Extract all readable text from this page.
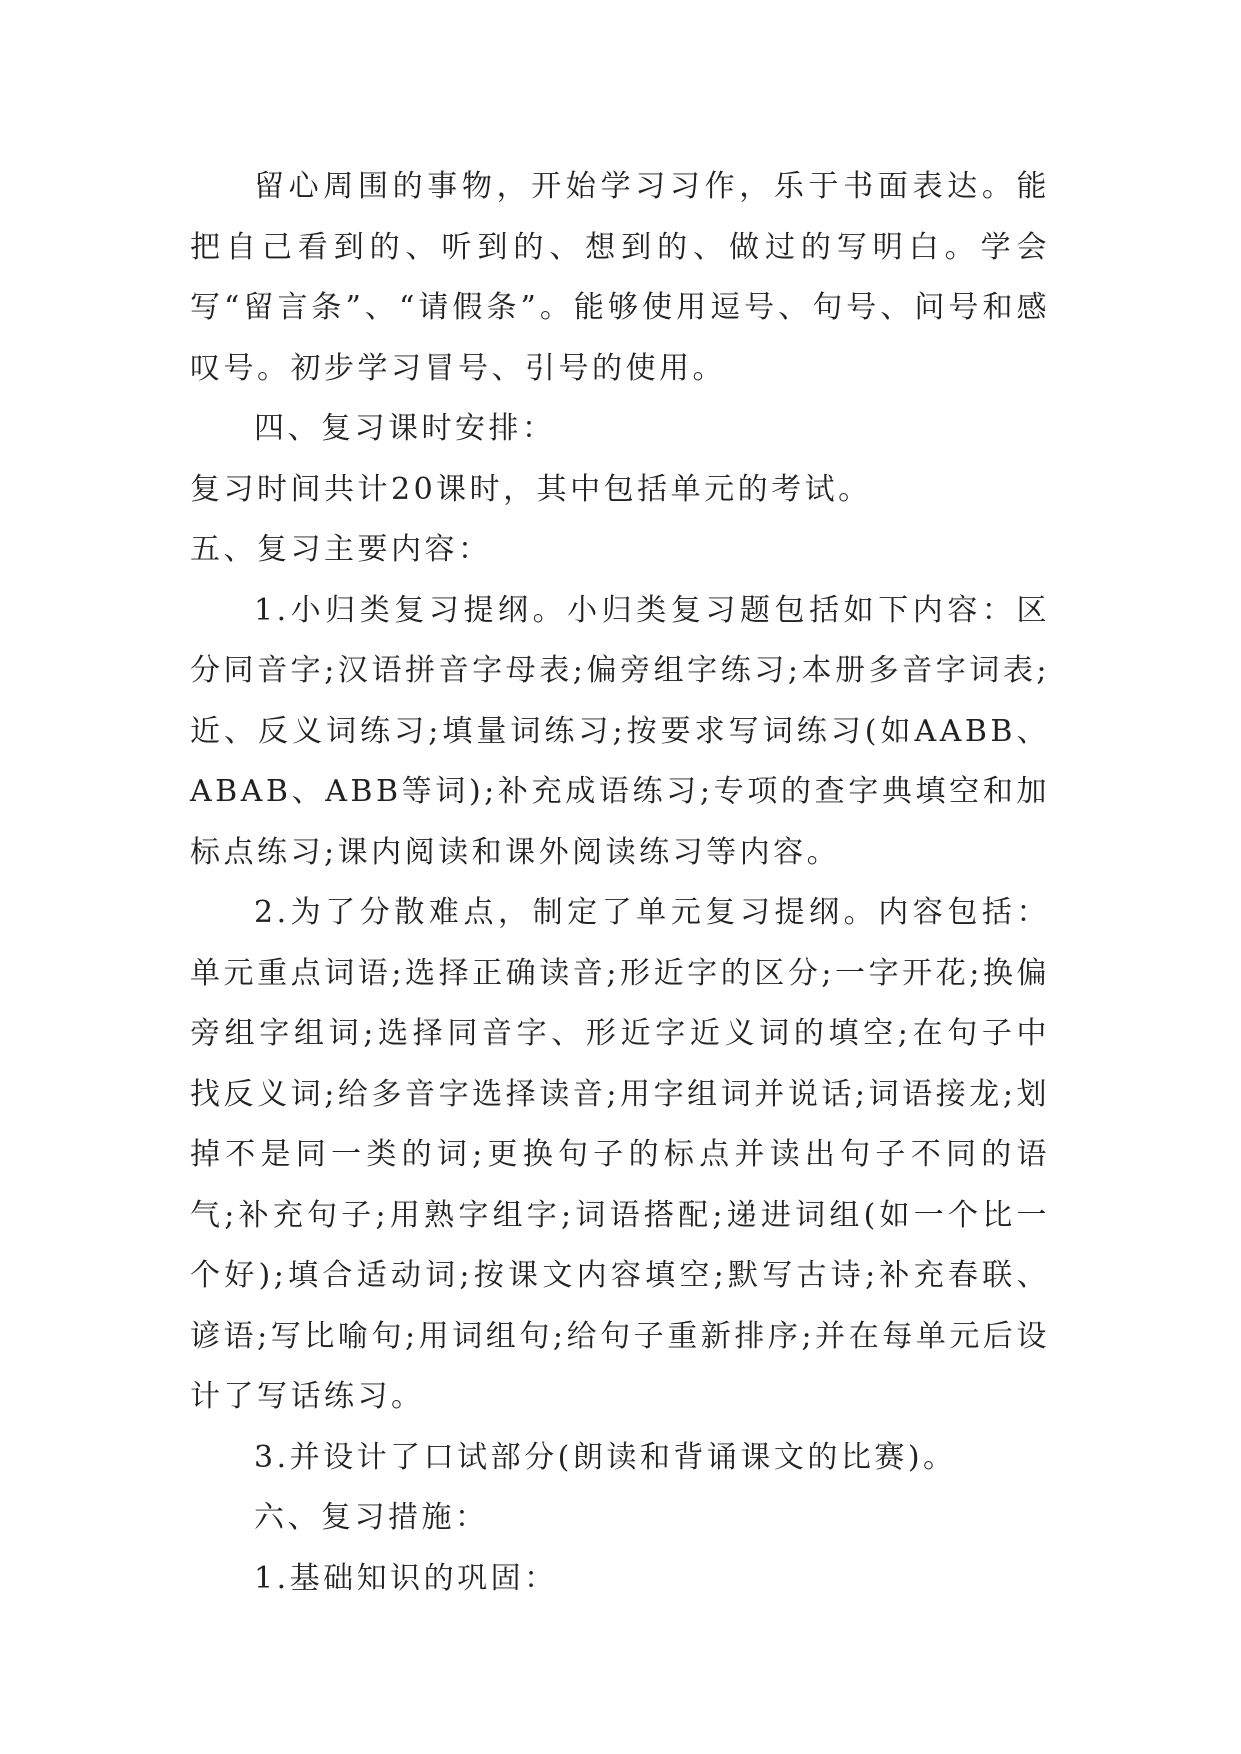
留心周围的事物，开始学习习作，乐于书面表达。能把自己看到的、听到的、想到的、做过的写明白。学会写“留言条”、“请假条”。能够使用逗号、句号、问号和感叹号。初步学习冒号、引号的使用。

四、复习课时安排：

复习时间共计20课时，其中包括单元的考试。

五、复习主要内容：

1.小归类复习提纲。小归类复习题包括如下内容：区分同音字;汉语拼音字母表;偏旁组字练习;本册多音字词表;近、反义词练习;填量词练习;按要求写词练习(如AABB、ABAB、ABB等词);补充成语练习;专项的查字典填空和加标点练习;课内阅读和课外阅读练习等内容。

2.为了分散难点，制定了单元复习提纲。内容包括：单元重点词语;选择正确读音;形近字的区分;一字开花;换偏旁组字组词;选择同音字、形近字近义词的填空;在句子中找反义词;给多音字选择读音;用字组词并说话;词语接龙;划掉不是同一类的词;更换句子的标点并读出句子不同的语气;补充句子;用熟字组字;词语搭配;递进词组(如一个比一个好);填合适动词;按课文内容填空;默写古诗;补充春联、谚语;写比喻句;用词组句;给句子重新排序;并在每单元后设计了写话练习。

3.并设计了口试部分(朗读和背诵课文的比赛)。

六、复习措施：

1.基础知识的巩固：
